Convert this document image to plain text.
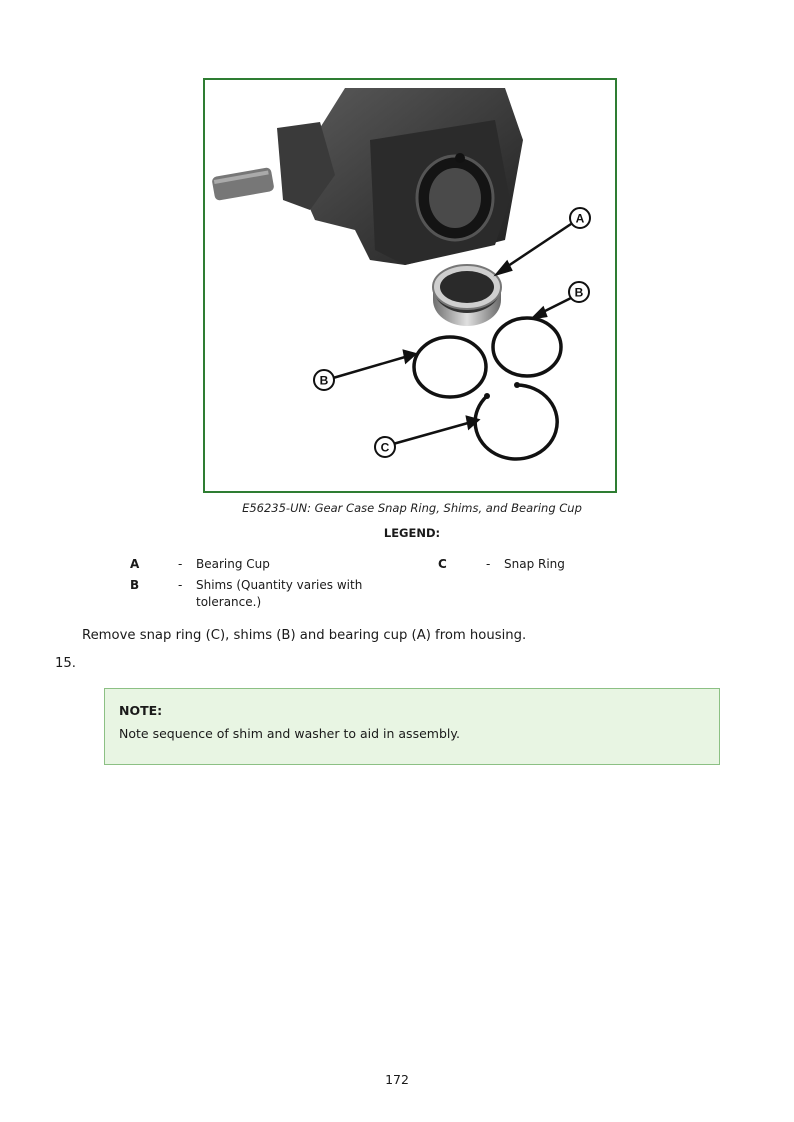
A
B
B
C
E56235-UN: Gear Case Snap Ring, Shims, and Bearing Cup
LEGEND:
A	- Bearing Cup
B	- Shims (Quantity varies with tolerance.)
C	- Snap Ring
Remove snap ring (C), shims (B) and bearing cup (A) from housing.
15.
NOTE:
Note sequence of shim and washer to aid in assembly.
172
